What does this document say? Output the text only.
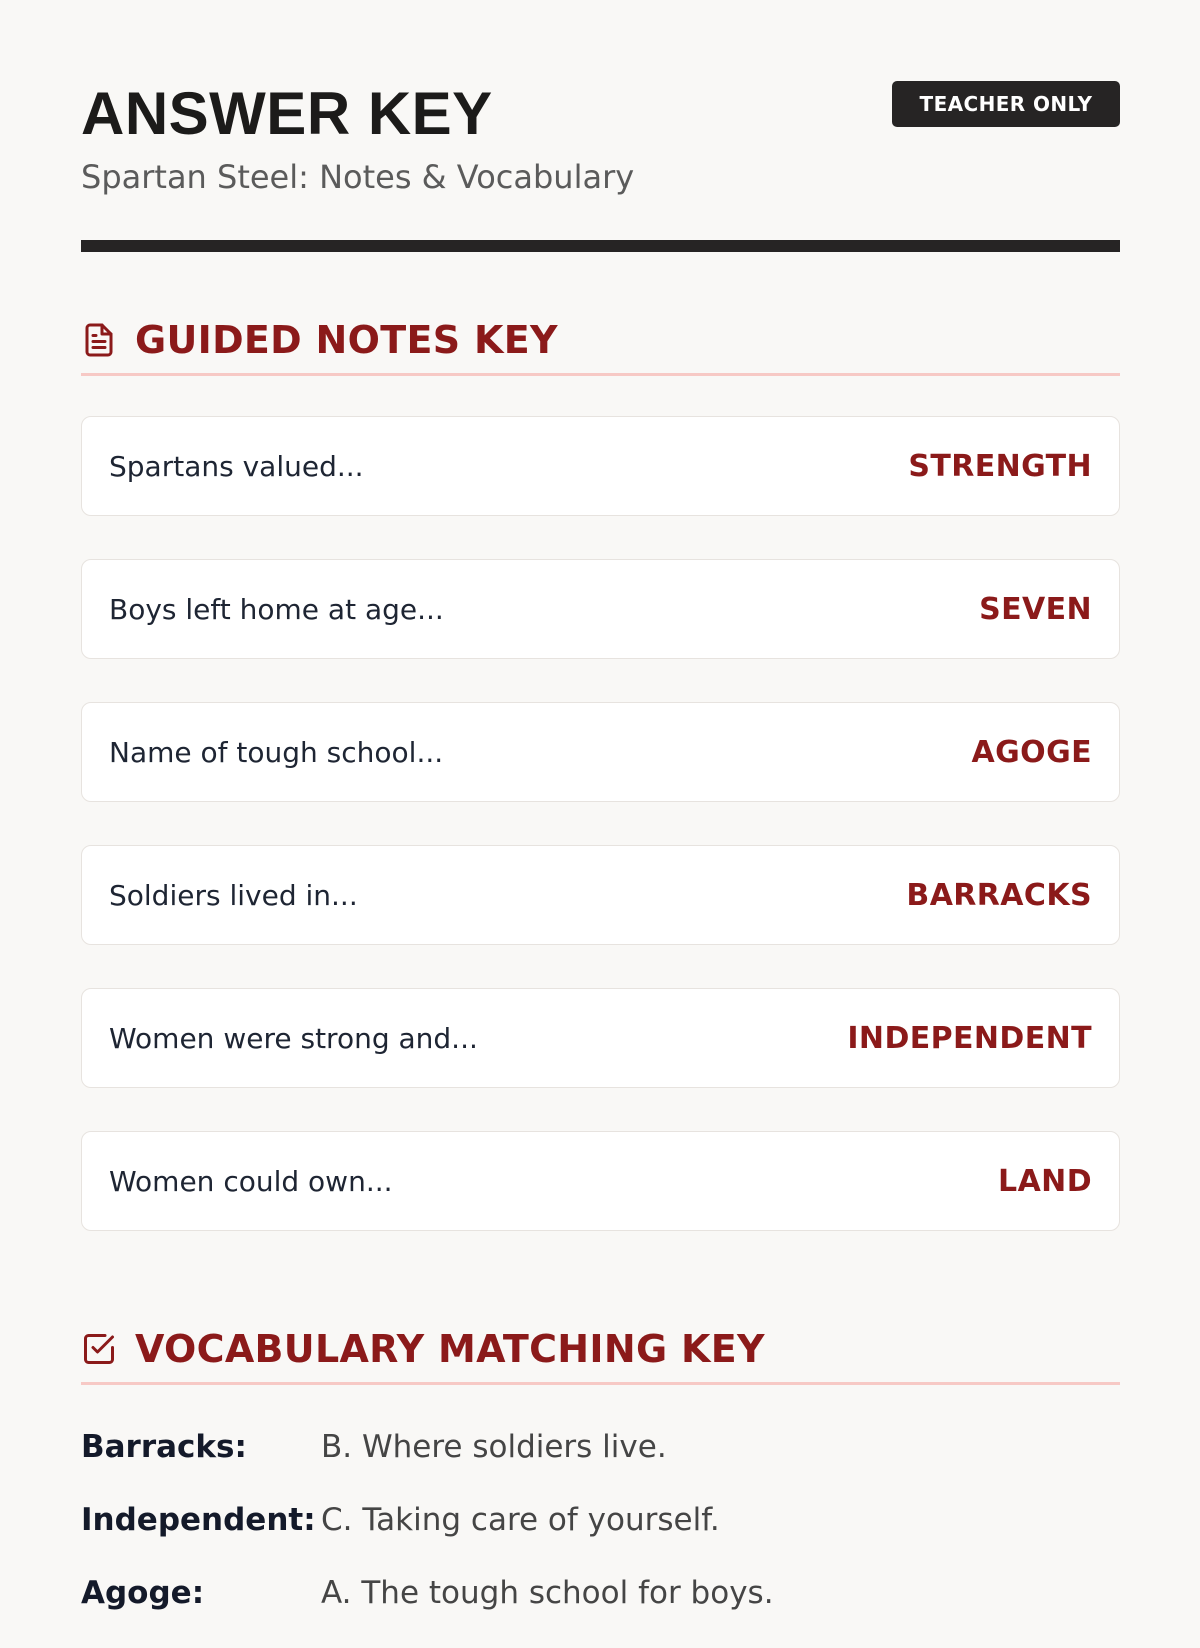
ANSWER KEY

Spartan Steel: Notes & Vocabulary

TEACHER ONLY
GUIDED NOTES KEY
Spartans valued...	STRENGTH
Boys left home at age...	SEVEN
Name of tough school...	AGOGE
Soldiers lived in...	BARRACKS
Women were strong and...	INDEPENDENT
Women could own...	LAND
VOCABULARY MATCHING KEY
Barracks:	B. Where soldiers live.
Independent: C. Taking care of yourself.
Agoge:	A. The tough school for boys.
